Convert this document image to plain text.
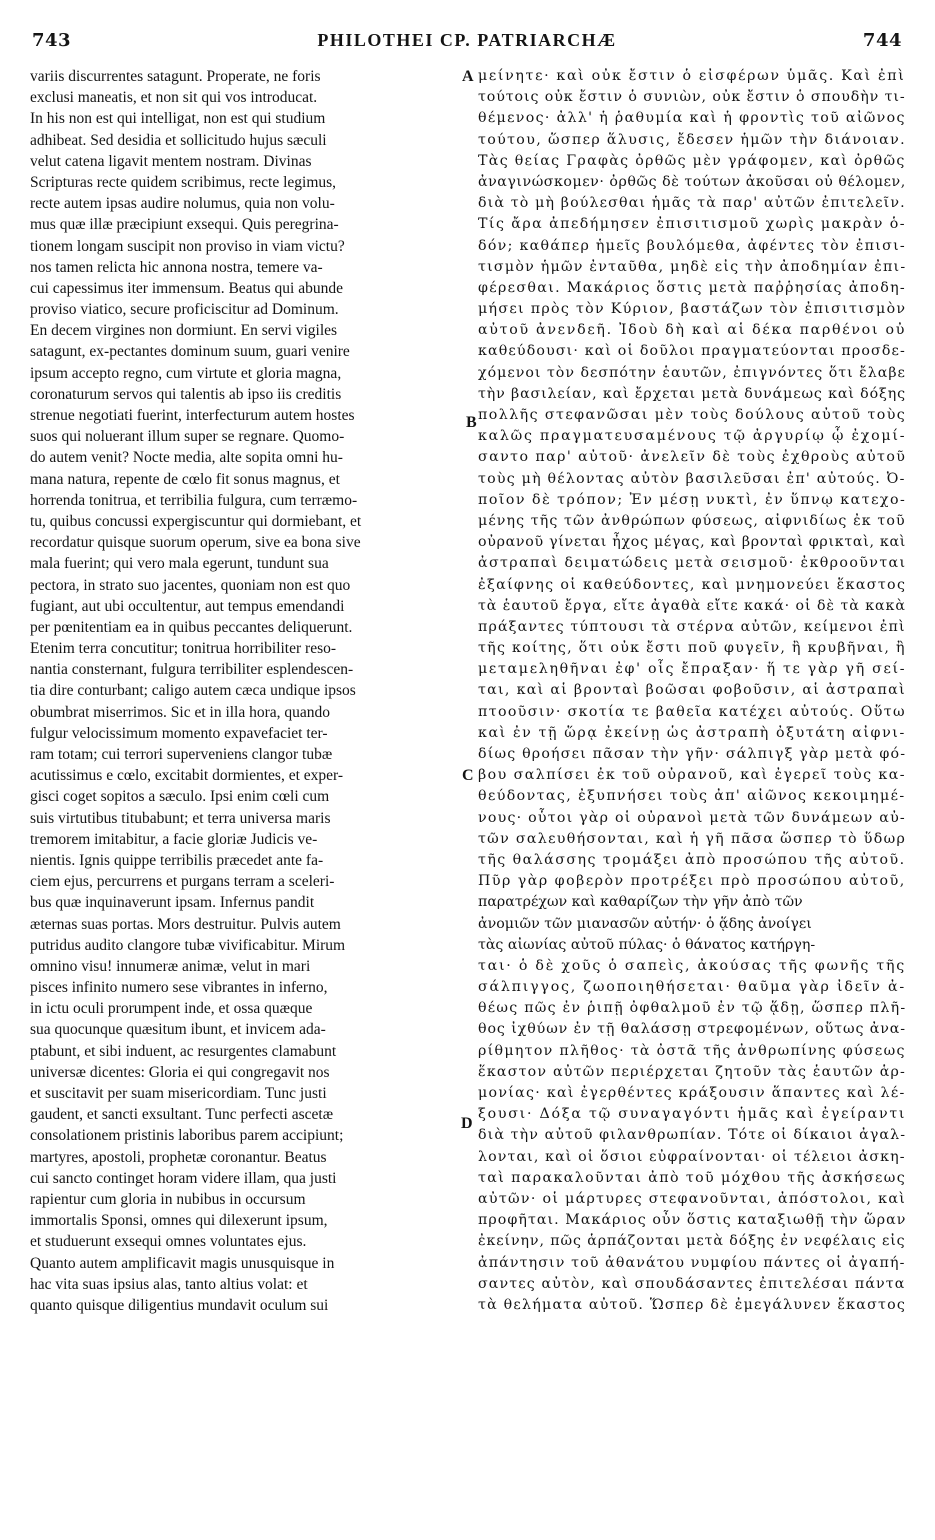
743	PHILOTHEI CP. PATRIARCHÆ	744
variis discurrentes satagunt. Properate, ne foris
exclusi maneatis, et non sit qui vos introducat.
In his non est qui intelligat, non est qui studium
adhibeat. Sed desidia et sollicitudo hujus sæculi
velut catena ligavit mentem nostram. Divinas
Scripturas recte quidem scribimus, recte legimus,
recte autem ipsas audire nolumus, quia non volu-
mus quæ illæ præcipiunt exsequi. Quis peregrina-
tionem longam suscipit non proviso in viam victu?
nos tamen relicta hic annona nostra, temere va-
cui capessimus iter immensum. Beatus qui abunde
proviso viatico, secure proficiscitur ad Dominum.
En decem virgines non dormiunt. En servi vigiles
satagunt, ex-pectantes dominum suum, guari venire
ipsum accepto regno, cum virtute et gloria magna,
coronaturum servos qui talentis ab ipso iis creditis
strenue negotiati fuerint, interfecturum autem hostes
suos qui noluerant illum super se regnare. Quomo-
do autem venit? Nocte media, alte sopita omni hu-
mana natura, repente de cœlo fit sonus magnus, et
horrenda tonitrua, et terribilia fulgura, cum terræmo-
tu, quibus concussi expergiscuntur qui dormiebant, et
recordatur quisque suorum operum, sive ea bona sive
mala fuerint; qui vero mala egerunt, tundunt sua
pectora, in strato suo jacentes, quoniam non est quo
fugiant, aut ubi occultentur, aut tempus emendandi
per pœnitentiam ea in quibus peccantes deliquerunt.
Etenim terra concutitur; tonitrua horribiliter reso-
nantia consternant, fulgura terribiliter esplendescen-
tia dire conturbant; caligo autem cæca undique ipsos
obumbrat miserrimos. Sic et in illa hora, quando
fulgur velocissimum momento expavefaciet ter-
ram totam; cui terrori superveniens clangor tubæ
acutissimus e cœlo, excitabit dormientes, et exper-
gisci coget sopitos a sæculo. Ipsi enim cœli cum
suis virtutibus titubabunt; et terra universa maris
tremorem imitabitur, a facie gloriæ Judicis ve-
nientis. Ignis quippe terribilis præcedet ante fa-
ciem ejus, percurrens et purgans terram a sceleri-
bus quæ inquinaverunt ipsam. Infernus pandit
æternas suas portas. Mors destruitur. Pulvis autem
putridus audito clangore tubæ vivificabitur. Mirum
omnino visu! innumeræ animæ, velut in mari
pisces infinito numero sese vibrantes in inferno,
in ictu oculi prorumpent inde, et ossa quæque
sua quocunque quæsitum ibunt, et invicem ada-
ptabunt, et sibi induent, ac resurgentes clamabunt
universæ dicentes: Gloria ei qui congregavit nos
et suscitavit per suam misericordiam. Tunc justi
gaudent, et sancti exsultant. Tunc perfecti ascetæ
consolationem pristinis laboribus parem accipiunt;
martyres, apostoli, prophetæ coronantur. Beatus
cui sancto continget horam videre illam, qua justi
rapientur cum gloria in nubibus in occursum
immortalis Sponsi, omnes qui dilexerunt ipsum,
et studuerunt exsequi omnes voluntates ejus.
Quanto autem amplificavit magis unusquisque in
hac vita suas ipsius alas, tanto altius volat: et
quanto quisque diligentius mundavit oculum sui
μείνητε· καὶ οὐκ ἔστιν ὁ εἰσφέρων ὑμᾶς. Καὶ ἐπὶ
τούτοις οὐκ ἔστιν ὁ συνιὼν, οὐκ ἔστιν ὁ σπουδὴν τι-
θέμενος· ἀλλ' ἡ ῥαθυμία καὶ ἡ φροντὶς τοῦ αἰῶνος
τούτου, ὥσπερ ἅλυσις, ἔδεσεν ἡμῶν τὴν διάνοιαν.
Τὰς θείας Γραφὰς ὀρθῶς μὲν γράφομεν, καὶ ὀρθῶς
ἀναγινώσκομεν· ὀρθῶς δὲ τούτων ἀκοῦσαι οὐ θέλομεν,
διὰ τὸ μὴ βούλεσθαι ἡμᾶς τὰ παρ' αὐτῶν ἐπιτελεῖν.
Τίς ἄρα ἀπεδήμησεν ἐπισιτισμοῦ χωρὶς μακρὰν ὁ-
δόν; καθάπερ ἡμεῖς βουλόμεθα, ἀφέντες τὸν ἐπισι-
τισμὸν ἡμῶν ἐνταῦθα, μηδὲ εἰς τὴν ἀποδημίαν ἐπι-
φέρεσθαι. Μακάριος ὅστις μετὰ παῤῥησίας ἀποδη-
μήσει πρὸς τὸν Κύριον, βαστάζων τὸν ἐπισιτισμὸν
αὐτοῦ ἀνενδεῆ. Ἰδοὺ δὴ καὶ αἱ δέκα παρθένοι οὐ
καθεύδουσι· καὶ οἱ δοῦλοι πραγματεύονται προσδε-
χόμενοι τὸν δεσπότην ἑαυτῶν, ἐπιγνόντες ὅτι ἔλαβε
τὴν βασιλείαν, καὶ ἔρχεται μετὰ δυνάμεως καὶ δόξης
πολλῆς στεφανῶσαι μὲν τοὺς δούλους αὐτοῦ τοὺς
καλῶς πραγματευσαμένους τῷ ἀργυρίῳ ᾧ ἐχομί-
σαντο παρ' αὐτοῦ· ἀνελεῖν δὲ τοὺς ἐχθροὺς αὐτοῦ
τοὺς μὴ θέλοντας αὐτὸν βασιλεῦσαι ἐπ' αὐτούς. Ὀ-
ποῖον δὲ τρόπον; Ἐν μέσῃ νυκτὶ, ἐν ὕπνῳ κατεχο-
μένης τῆς τῶν ἀνθρώπων φύσεως, αἰφνιδίως ἐκ τοῦ
οὐρανοῦ γίνεται ἦχος μέγας, καὶ βρονταὶ φρικταὶ, καὶ
ἀστραπαὶ δειματώδεις μετὰ σεισμοῦ· ἐκθροοῦνται
ἐξαίφνης οἱ καθεύδοντες, καὶ μνημονεύει ἕκαστος
τὰ ἑαυτοῦ ἔργα, εἴτε ἀγαθὰ εἴτε κακά· οἱ δὲ τὰ κακὰ
πράξαντες τύπτουσι τὰ στέρνα αὐτῶν, κείμενοι ἐπὶ
τῆς κοίτης, ὅτι οὐκ ἔστι ποῦ φυγεῖν, ἢ κρυβῆναι, ἢ
μεταμεληθῆναι ἐφ' οἷς ἔπραξαν· ἥ τε γὰρ γῆ σεί-
ται, καὶ αἱ βρονταὶ βοῶσαι φοβοῦσιν, αἱ ἀστραπαὶ
πτοοῦσιν· σκοτία τε βαθεῖα κατέχει αὐτούς. Οὕτω
καὶ ἐν τῇ ὥρᾳ ἐκείνῃ ὡς ἀστραπὴ ὀξυτάτη αἰφνι-
δίως θροήσει πᾶσαν τὴν γῆν· σάλπιγξ γὰρ μετὰ φό-
βου σαλπίσει ἐκ τοῦ οὐρανοῦ, καὶ ἐγερεῖ τοὺς κα-
θεύδοντας, ἐξυπνήσει τοὺς ἀπ' αἰῶνος κεκοιμημέ-
νους· οὗτοι γὰρ οἱ οὐρανοὶ μετὰ τῶν δυνάμεων αὐ-
τῶν σαλευθήσονται, καὶ ἡ γῆ πᾶσα ὥσπερ τὸ ὕδωρ
τῆς θαλάσσης τρομάξει ἀπὸ προσώπου τῆς αὐτοῦ.
Πῦρ γὰρ φοβερὸν προτρέξει πρὸ προσώπου αὐτοῦ,
παρατρέχων καὶ καθαρίζων τὴν γῆν ἀπὸ τῶν
ἀνομιῶν τῶν μιανασῶν αὐτήν· ὁ ᾅδης ἀνοίγει
τὰς αἰωνίας αὐτοῦ πύλας· ὁ θάνατος κατήργη-
ται· ὁ δὲ χοῦς ὁ σαπεὶς, ἀκούσας τῆς φωνῆς τῆς
σάλπιγγος, ζωοποιηθήσεται· θαῦμα γὰρ ἰδεῖν ἀ-
θέως πῶς ἐν ῥιπῇ ὀφθαλμοῦ ἐν τῷ ᾅδῃ, ὥσπερ πλῆ-
θος ἰχθύων ἐν τῇ θαλάσσῃ στρεφομένων, οὕτως ἀνα-
ρίθμητον πλῆθος· τὰ ὀστᾶ τῆς ἀνθρωπίνης φύσεως
ἕκαστον αὐτῶν περιέρχεται ζητοῦν τὰς ἑαυτῶν ἁρ-
μονίας· καὶ ἐγερθέντες κράξουσιν ἅπαντες καὶ λέ-
ξουσι· Δόξα τῷ συναγαγόντι ἡμᾶς καὶ ἐγείραντι
διὰ τὴν αὐτοῦ φιλανθρωπίαν. Τότε οἱ δίκαιοι ἀγαλ-
λονται, καὶ οἱ ὅσιοι εὐφραίνονται· οἱ τέλειοι ἀσκη-
ταὶ παρακαλοῦνται ἀπὸ τοῦ μόχθου τῆς ἀσκήσεως
αὐτῶν· οἱ μάρτυρες στεφανοῦνται, ἀπόστολοι, καὶ
προφῆται. Μακάριος οὖν ὅστις καταξιωθῇ τὴν ὥραν
ἐκείνην, πῶς ἁρπάζονται μετὰ δόξης ἐν νεφέλαις εἰς
ἀπάντησιν τοῦ ἀθανάτου νυμφίου πάντες οἱ ἀγαπή-
σαντες αὐτὸν, καὶ σπουδάσαντες ἐπιτελέσαι πάντα
τὰ θελήματα αὐτοῦ. Ὥσπερ δὲ ἐμεγάλυνεν ἕκαστος
A
B
C
D
